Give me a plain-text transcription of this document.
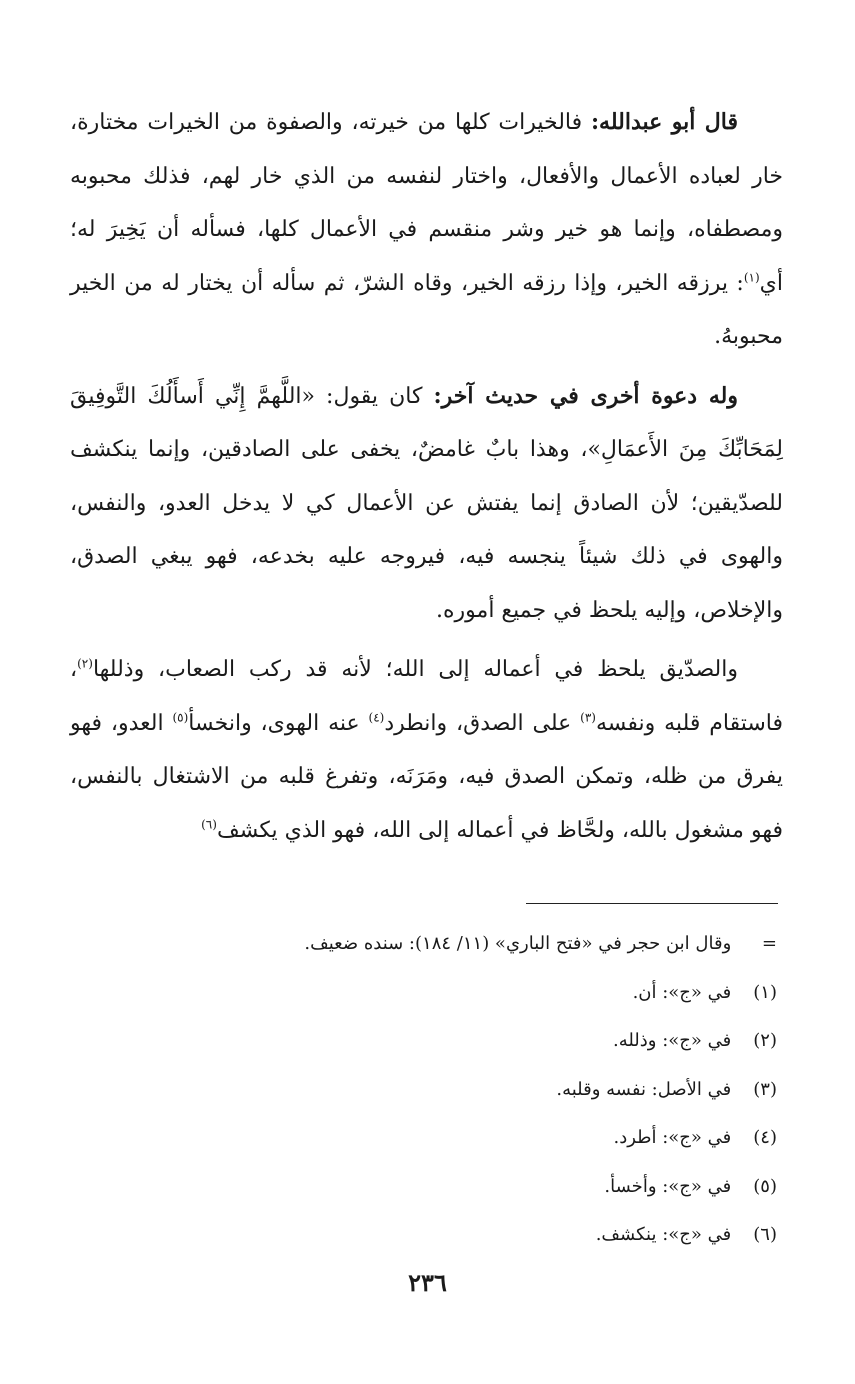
قال أبو عبدالله: فالخيرات كلها من خيرته، والصفوة من الخيرات مختارة، خار لعباده الأعمال والأفعال، واختار لنفسه من الذي خار لهم، فذلك محبوبه ومصطفاه، وإنما هو خير وشر منقسم في الأعمال كلها، فسأله أن يَخِيرَ له؛ أي$^{(١)}$: يرزقه الخير، وإذا رزقه الخير، وقاه الشرّ، ثم سأله أن يختار له من الخير محبوبهُ.

وله دعوة أخرى في حديث آخر: كان يقول: «اللَّهمَّ إِنِّي أَسأَلُكَ التَّوفِيقَ لِمَحَابِّكَ مِنَ الأَعمَالِ»، وهذا بابٌ غامضٌ، يخفى على الصادقين، وإنما ينكشف للصدّيقين؛ لأن الصادق إنما يفتش عن الأعمال كي لا يدخل العدو، والنفس، والهوى في ذلك شيئاً ينجسه فيه، فيروجه عليه بخدعه، فهو يبغي الصدق، والإخلاص، وإليه يلحظ في جميع أموره.

والصدّيق يلحظ في أعماله إلى الله؛ لأنه قد ركب الصعاب، وذللها$^{(٢)}$، فاستقام قلبه ونفسه$^{(٣)}$ على الصدق، وانطرد$^{(٤)}$ عنه الهوى، وانخسأ$^{(٥)}$ العدو، فهو يفرق من ظله، وتمكن الصدق فيه، ومَرَنَه، وتفرغ قلبه من الاشتغال بالنفس، فهو مشغول بالله، ولحَّاظ في أعماله إلى الله، فهو الذي يكشف$^{(٦)}$

= وقال ابن حجر في «فتح الباري» (١١/ ١٨٤): سنده ضعيف.
(١) في «ج»: أن.
(٢) في «ج»: وذلله.
(٣) في الأصل: نفسه وقلبه.
(٤) في «ج»: أطرد.
(٥) في «ج»: وأخسأ.
(٦) في «ج»: ينكشف.
٢٣٦
